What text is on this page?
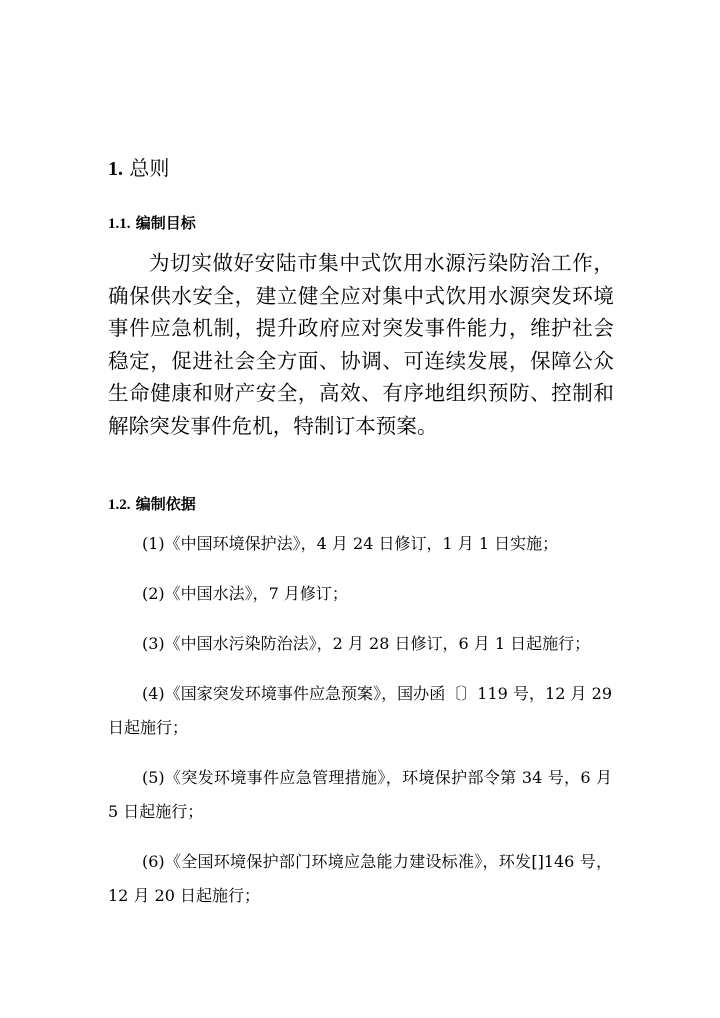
1. 总则
1.1. 编制目标
为切实做好安陆市集中式饮用水源污染防治工作，确保供水安全，建立健全应对集中式饮用水源突发环境事件应急机制，提升政府应对突发事件能力，维护社会稳定，促进社会全方面、协调、可连续发展，保障公众生命健康和财产安全，高效、有序地组织预防、控制和解除突发事件危机，特制订本预案。
1.2. 编制依据
(1)《中国环境保护法》，4 月 24 日修订，1 月 1 日实施；
(2)《中国水法》，7 月修订；
(3)《中国水污染防治法》，2 月 28 日修订，6 月 1 日起施行；
(4)《国家突发环境事件应急预案》，国办函〔〕119 号，12 月 29 日起施行；
(5)《突发环境事件应急管理措施》，环境保护部令第 34 号，6 月 5 日起施行；
(6)《全国环境保护部门环境应急能力建设标准》，环发[]146 号，12 月 20 日起施行；
